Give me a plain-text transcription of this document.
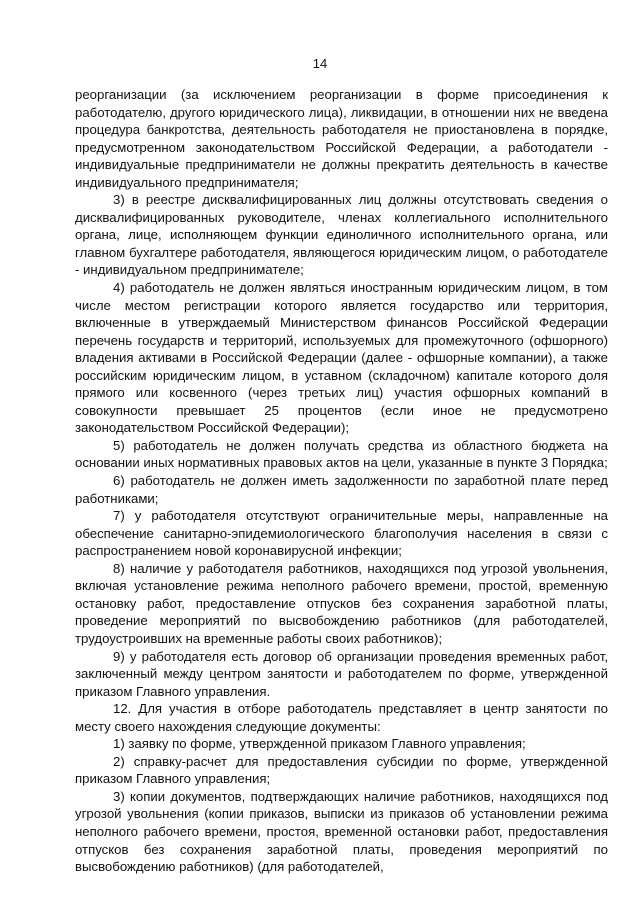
14

реорганизации (за исключением реорганизации в форме присоединения к работодателю, другого юридического лица), ликвидации, в отношении них не введена процедура банкротства, деятельность работодателя не приостановлена в порядке, предусмотренном законодательством Российской Федерации, а работодатели - индивидуальные предприниматели не должны прекратить деятельность в качестве индивидуального предпринимателя;

3) в реестре дисквалифицированных лиц должны отсутствовать сведения о дисквалифицированных руководителе, членах коллегиального исполнительного органа, лице, исполняющем функции единоличного исполнительного органа, или главном бухгалтере работодателя, являющегося юридическим лицом, о работодателе - индивидуальном предпринимателе;

4) работодатель не должен являться иностранным юридическим лицом, в том числе местом регистрации которого является государство или территория, включенные в утверждаемый Министерством финансов Российской Федерации перечень государств и территорий, используемых для промежуточного (офшорного) владения активами в Российской Федерации (далее - офшорные компании), а также российским юридическим лицом, в уставном (складочном) капитале которого доля прямого или косвенного (через третьих лиц) участия офшорных компаний в совокупности превышает 25 процентов (если иное не предусмотрено законодательством Российской Федерации);

5) работодатель не должен получать средства из областного бюджета на основании иных нормативных правовых актов на цели, указанные в пункте 3 Порядка;

6) работодатель не должен иметь задолженности по заработной плате перед работниками;

7) у работодателя отсутствуют ограничительные меры, направленные на обеспечение санитарно-эпидемиологического благополучия населения в связи с распространением новой коронавирусной инфекции;

8) наличие у работодателя работников, находящихся под угрозой увольнения, включая установление режима неполного рабочего времени, простой, временную остановку работ, предоставление отпусков без сохранения заработной платы, проведение мероприятий по высвобождению работников (для работодателей, трудоустроивших на временные работы своих работников);

9) у работодателя есть договор об организации проведения временных работ, заключенный между центром занятости и работодателем по форме, утвержденной приказом Главного управления.

12. Для участия в отборе работодатель представляет в центр занятости по месту своего нахождения следующие документы:

1) заявку по форме, утвержденной приказом Главного управления;

2) справку-расчет для предоставления субсидии по форме, утвержденной приказом Главного управления;

3) копии документов, подтверждающих наличие работников, находящихся под угрозой увольнения (копии приказов, выписки из приказов об установлении режима неполного рабочего времени, простоя, временной остановки работ, предоставления отпусков без сохранения заработной платы, проведения мероприятий по высвобождению работников) (для работодателей,
